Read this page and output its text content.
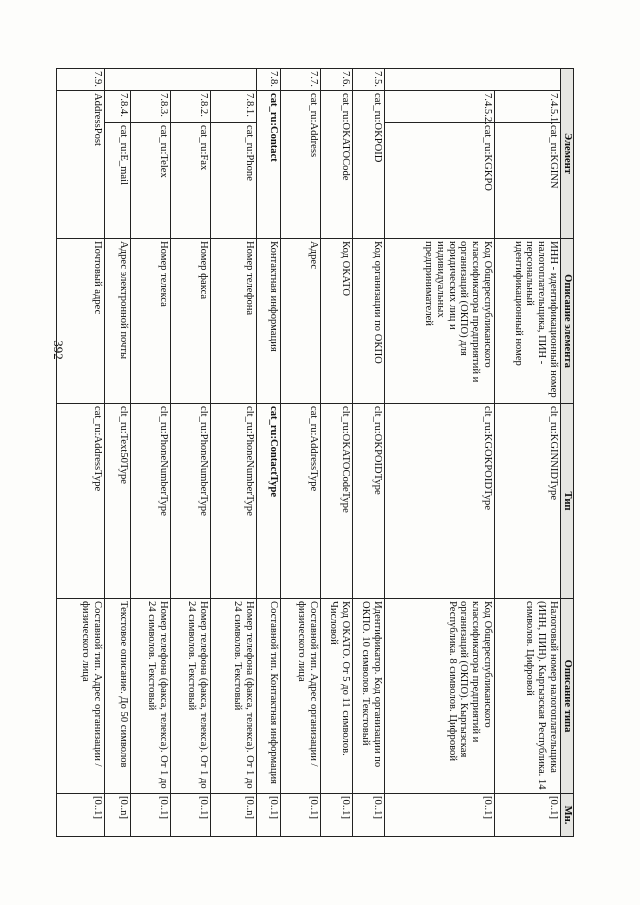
392
Элемент			Описание элемента	Тип	Описание типа	Мн.
	7.4.5.1.	cat_ru:KGINN	ИНН - идентификационный номер налогоплательщика, ПИН - персональный идентификационный номер	clt_ru:KGINNIDType	Налоговый номер налогоплательщика (ИНН, ПИН). Кыргызская Республика. 14 символов. Цифровой	[0..1]
	7.4.5.2.	cat_ru:KGKPO	Код Общереспубликанского классификатора предприятий и организаций (ОКПО) для юридических лиц и индивидуальных предпринимателей	clt_ru:KGOKPOIDType	Код Общереспубликанского классификатора предприятий и организаций (ОКПО). Кыргызская Республика. 8 символов. Цифровой	[0..1]
7.5.	cat_ru:OKPOID		Код организации по ОКПО	clt_ru:OKPOIDType	Идентификатор. Код организации по ОКПО. 10 символов. Текстовый	[0..1]
7.6.	cat_ru:OKATOCode		Код ОКАТО	clt_ru:OKATOCodeType	Код ОКАТО. От 5 до 11 символов. Числовой	[0..1]
7.7.	cat_ru:Address		Адрес	cat_ru:AddressType	Составной тип. Адрес организации / физического лица	[0..1]
7.8.	cat_ru:Contact		Контактная информация	cat_ru:ContactType	Составной тип. Контактная информация	[0..1]
	7.8.1.	cat_ru:Phone	Номер телефона	clt_ru:PhoneNumberType	Номер телефона (факса, телекса). От 1 до 24 символов. Текстовый	[0..n]
	7.8.2.	cat_ru:Fax	Номер факса	clt_ru:PhoneNumberType	Номер телефона (факса, телекса). От 1 до 24 символов. Текстовый	[0..1]
	7.8.3.	cat_ru:Telex	Номер телекса	clt_ru:PhoneNumberType	Номер телефона (факса, телекса). От 1 до 24 символов. Текстовый	[0..1]
	7.8.4.	cat_ru:E_mail	Адрес электронной почты	clt_ru:Text50Type	Текстовое описание. До 50 символов	[0..n]
7.9.	AddressPost		Почтовый адрес	cat_ru:AddressType	Составной тип. Адрес организации / физического лица	[0..1]
